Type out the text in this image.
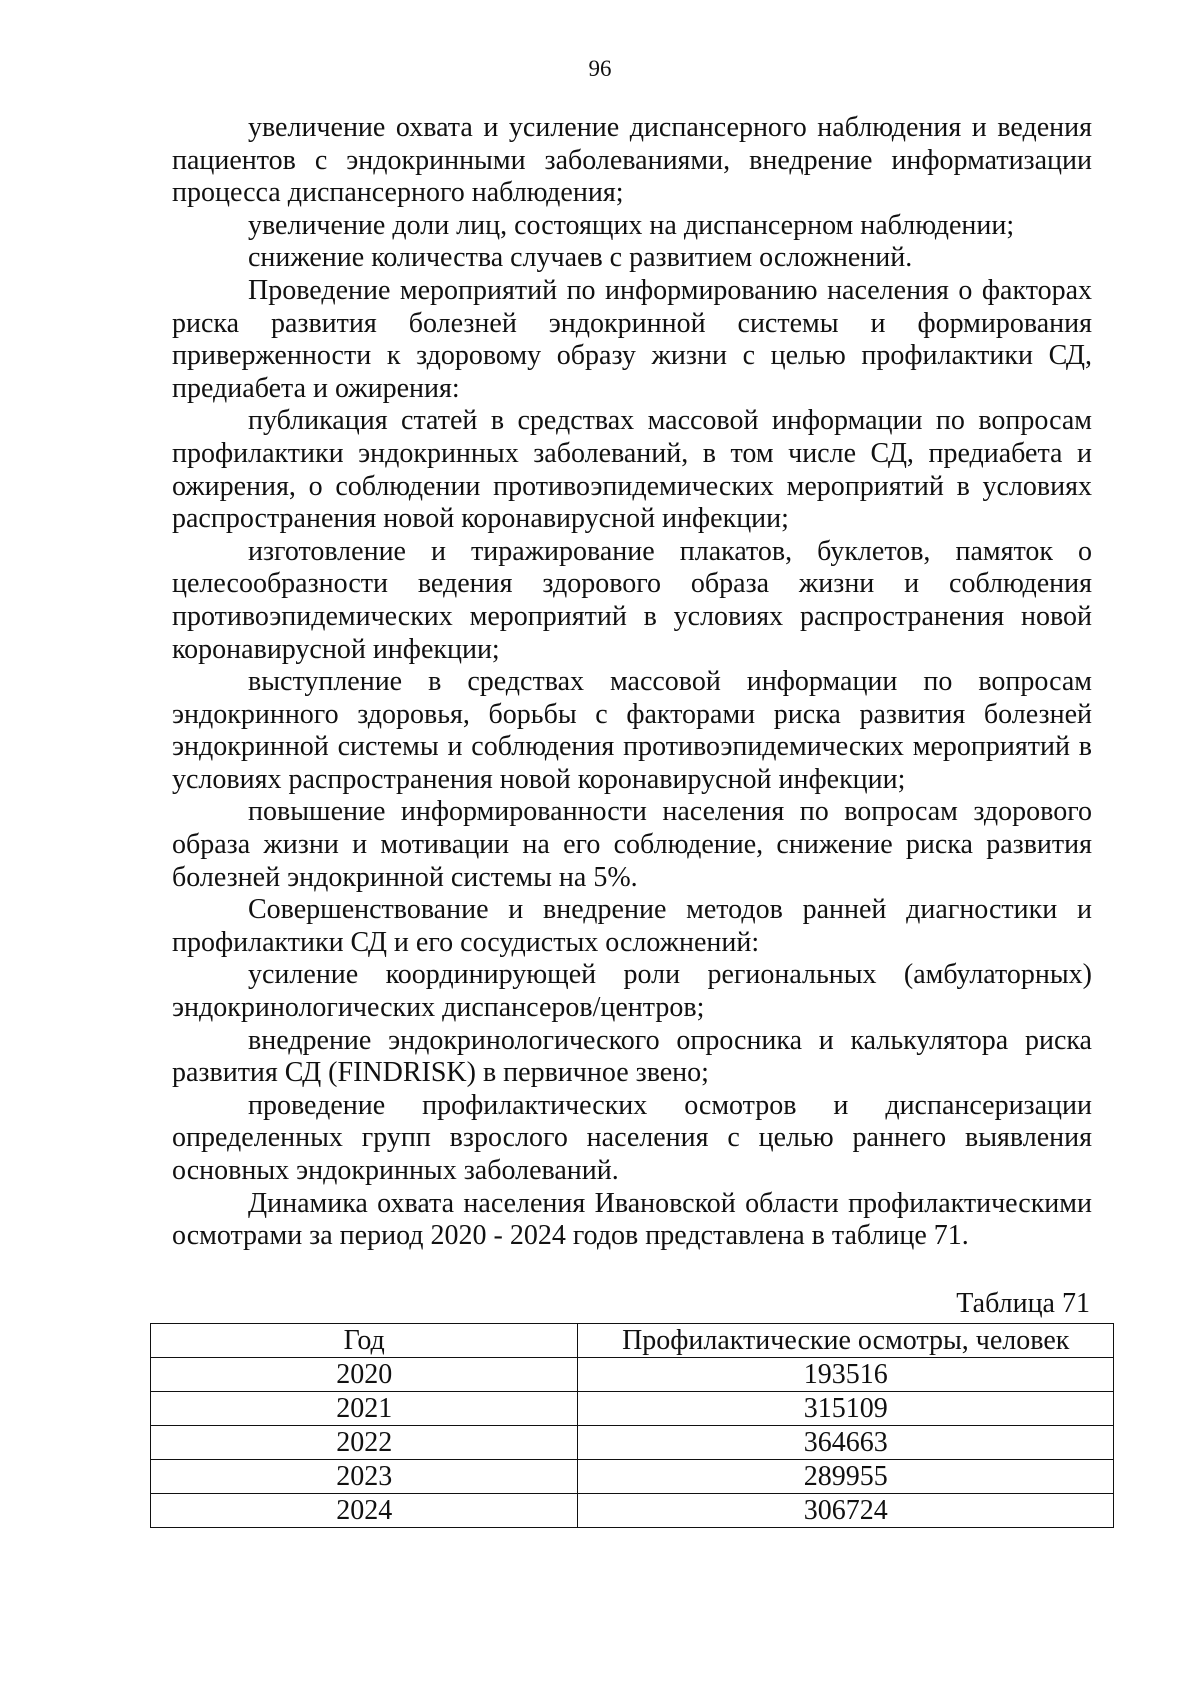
96

увеличение охвата и усиление диспансерного наблюдения и ведения пациентов с эндокринными заболеваниями, внедрение информатизации процесса диспансерного наблюдения;

увеличение доли лиц, состоящих на диспансерном наблюдении;

снижение количества случаев с развитием осложнений.

Проведение мероприятий по информированию населения о факторах риска развития болезней эндокринной системы и формирования приверженности к здоровому образу жизни с целью профилактики СД, предиабета и ожирения:

публикация статей в средствах массовой информации по вопросам профилактики эндокринных заболеваний, в том числе СД, предиабета и ожирения, о соблюдении противоэпидемических мероприятий в условиях распространения новой коронавирусной инфекции;

изготовление и тиражирование плакатов, буклетов, памяток о целесообразности ведения здорового образа жизни и соблюдения противоэпидемических мероприятий в условиях распространения новой коронавирусной инфекции;

выступление в средствах массовой информации по вопросам эндокринного здоровья, борьбы с факторами риска развития болезней эндокринной системы и соблюдения противоэпидемических мероприятий в условиях распространения новой коронавирусной инфекции;

повышение информированности населения по вопросам здорового образа жизни и мотивации на его соблюдение, снижение риска развития болезней эндокринной системы на 5%.

Совершенствование и внедрение методов ранней диагностики и профилактики СД и его сосудистых осложнений:

усиление координирующей роли региональных (амбулаторных) эндокринологических диспансеров/центров;

внедрение эндокринологического опросника и калькулятора риска развития СД (FINDRISK) в первичное звено;

проведение профилактических осмотров и диспансеризации определенных групп взрослого населения с целью раннего выявления основных эндокринных заболеваний.

Динамика охвата населения Ивановской области профилактическими осмотрами за период 2020 - 2024 годов представлена в таблице 71.

Таблица 71
Год	Профилактические осмотры, человек
2020	193516
2021	315109
2022	364663
2023	289955
2024	306724
